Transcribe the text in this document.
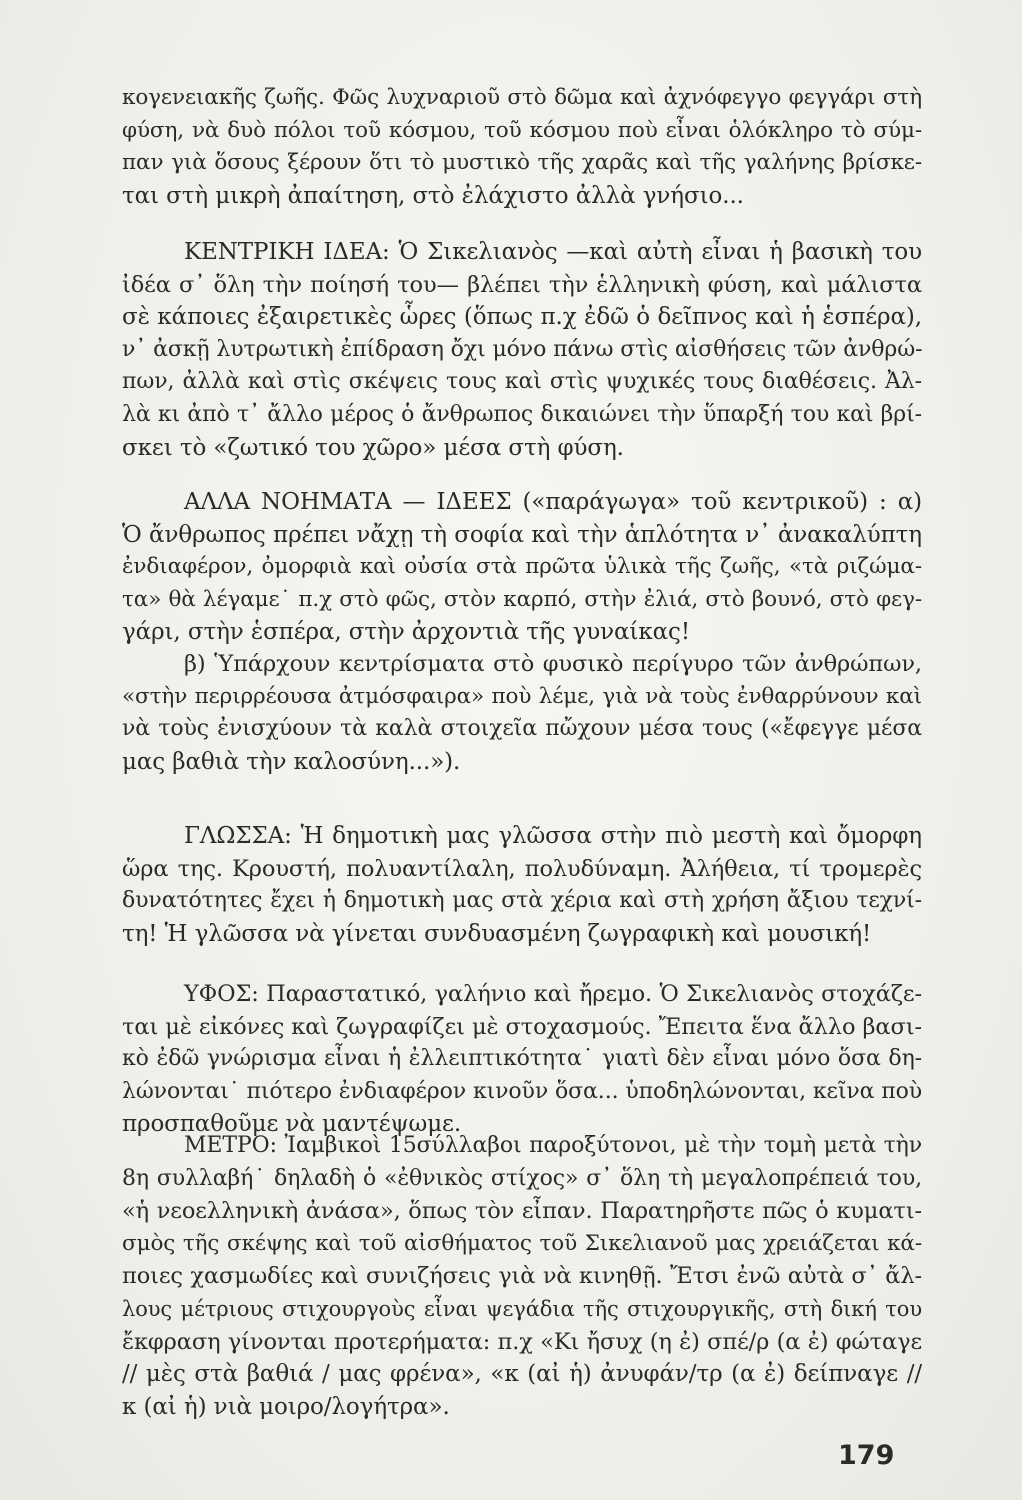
κογενειακῆς ζωῆς. Φῶς λυχναριοῦ στὸ δῶμα καὶ ἀχνόφεγγο φεγγάρι στὴ
φύση, νὰ δυὸ πόλοι τοῦ κόσμου, τοῦ κόσμου ποὺ εἶναι ὁλόκληρο τὸ σύμ-
παν γιὰ ὅσους ξέρουν ὅτι τὸ μυστικὸ τῆς χαρᾶς καὶ τῆς γαλήνης βρίσκε-
ται στὴ μικρὴ ἀπαίτηση, στὸ ἐλάχιστο ἀλλὰ γνήσιο...
ΚΕΝΤΡΙΚΗ ΙΔΕΑ: Ὁ Σικελιανὸς —καὶ αὐτὴ εἶναι ἡ βασικὴ του
ἰδέα σ᾽ ὅλη τὴν ποίησή του— βλέπει τὴν ἑλληνικὴ φύση, καὶ μάλιστα
σὲ κάποιες ἐξαιρετικὲς ὧρες (ὅπως π.χ ἐδῶ ὁ δεῖπνος καὶ ἡ ἑσπέρα),
ν᾽ ἀσκῇ λυτρωτικὴ ἐπίδραση ὄχι μόνο πάνω στὶς αἰσθήσεις τῶν ἀνθρώ-
πων, ἀλλὰ καὶ στὶς σκέψεις τους καὶ στὶς ψυχικές τους διαθέσεις. Ἀλ-
λὰ κι ἀπὸ τ᾽ ἄλλο μέρος ὁ ἄνθρωπος δικαιώνει τὴν ὕπαρξή του καὶ βρί-
σκει τὸ «ζωτικό του χῶρο» μέσα στὴ φύση.
ΑΛΛΑ ΝΟΗΜΑΤΑ — ΙΔΕΕΣ («παράγωγα» τοῦ κεντρικοῦ) : α)
Ὁ ἄνθρωπος πρέπει νἄχῃ τὴ σοφία καὶ τὴν ἁπλότητα ν᾽ ἀνακαλύπτη
ἐνδιαφέρον, ὀμορφιὰ καὶ οὐσία στὰ πρῶτα ὑλικὰ τῆς ζωῆς, «τὰ ριζώμα-
τα» θὰ λέγαμε˙ π.χ στὸ φῶς, στὸν καρπό, στὴν ἐλιά, στὸ βουνό, στὸ φεγ-
γάρι, στὴν ἑσπέρα, στὴν ἀρχοντιὰ τῆς γυναίκας!
β) Ὑπάρχουν κεντρίσματα στὸ φυσικὸ περίγυρο τῶν ἀνθρώπων,
«στὴν περιρρέουσα ἀτμόσφαιρα» ποὺ λέμε, γιὰ νὰ τοὺς ἐνθαρρύνουν καὶ
νὰ τοὺς ἐνισχύουν τὰ καλὰ στοιχεῖα πὤχουν μέσα τους («ἔφεγγε μέσα
μας βαθιὰ τὴν καλοσύνη...»).
ΓΛΩΣΣΑ: Ἡ δημοτικὴ μας γλῶσσα στὴν πιὸ μεστὴ καὶ ὄμορφη
ὥρα της. Κρουστή, πολυαντίλαλη, πολυδύναμη. Ἀλήθεια, τί τρομερὲς
δυνατότητες ἔχει ἡ δημοτικὴ μας στὰ χέρια καὶ στὴ χρήση ἄξιου τεχνί-
τη! Ἡ γλῶσσα νὰ γίνεται συνδυασμένη ζωγραφικὴ καὶ μουσική!
ΥΦΟΣ: Παραστατικό, γαλήνιο καὶ ἤρεμο. Ὁ Σικελιανὸς στοχάζε-
ται μὲ εἰκόνες καὶ ζωγραφίζει μὲ στοχασμούς. Ἔπειτα ἕνα ἄλλο βασι-
κὸ ἐδῶ γνώρισμα εἶναι ἡ ἐλλειπτικότητα˙ γιατὶ δὲν εἶναι μόνο ὅσα δη-
λώνονται˙ πιότερο ἐνδιαφέρον κινοῦν ὅσα... ὑποδηλώνονται, κεῖνα ποὺ
προσπαθοῦμε νὰ μαντέψωμε.
ΜΕΤΡΟ: Ἰαμβικοὶ 15σύλλαβοι παροξύτονοι, μὲ τὴν τομὴ μετὰ τὴν
8η συλλαβή˙ δηλαδὴ ὁ «ἐθνικὸς στίχος» σ᾽ ὅλη τὴ μεγαλοπρέπειά του,
«ἡ νεοελληνικὴ ἀνάσα», ὅπως τὸν εἶπαν. Παρατηρῆστε πῶς ὁ κυματι-
σμὸς τῆς σκέψης καὶ τοῦ αἰσθήματος τοῦ Σικελιανοῦ μας χρειάζεται κά-
ποιες χασμωδίες καὶ συνιζήσεις γιὰ νὰ κινηθῇ. Ἔτσι ἐνῶ αὐτὰ σ᾽ ἄλ-
λους μέτριους στιχουργοὺς εἶναι ψεγάδια τῆς στιχουργικῆς, στὴ δική του
ἔκφραση γίνονται προτερήματα: π.χ «Κι ἤσυχ (η ἐ) σπέ/ρ (α ἐ) φώταγε
// μὲς στὰ βαθιά / μας φρένα», «κ (αἰ ἡ) ἀνυφάν/τρ (α ἐ) δείπναγε //
κ (αἰ ἡ) νιὰ μοιρο/λογήτρα».
179
